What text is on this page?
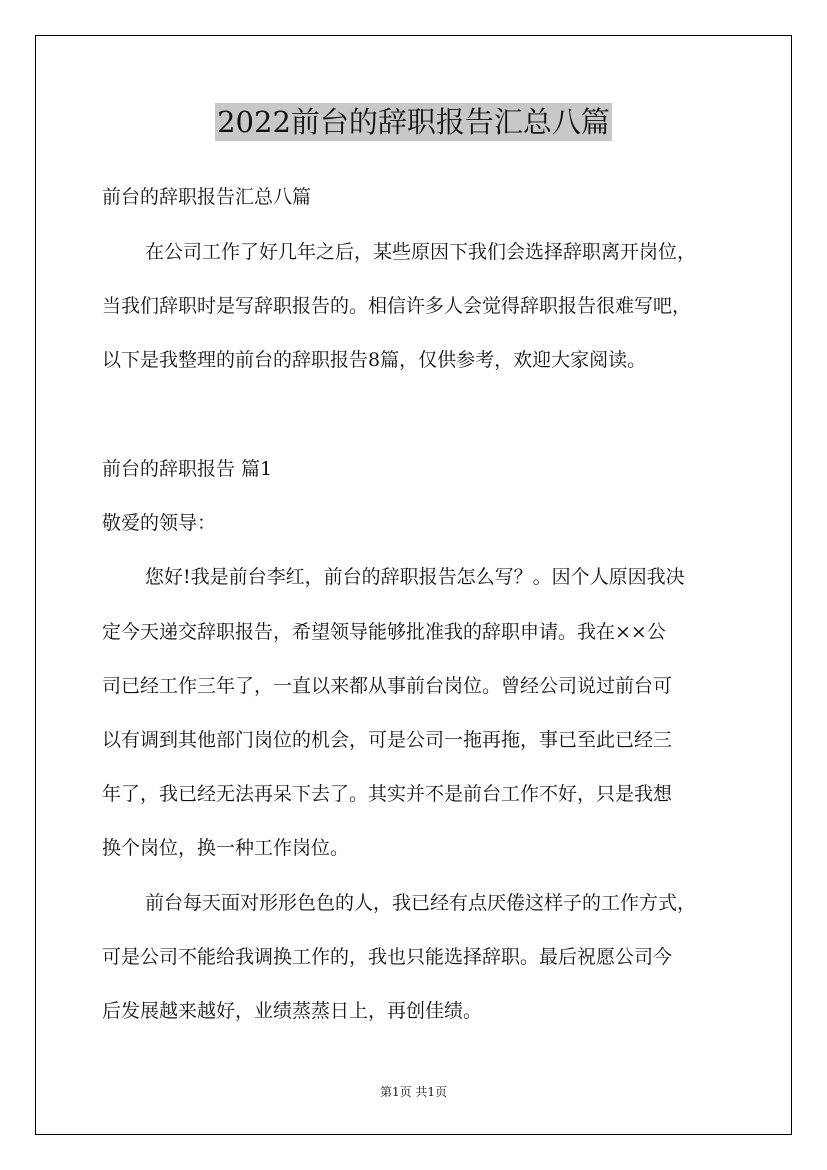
2022前台的辞职报告汇总八篇
前台的辞职报告汇总八篇
在公司工作了好几年之后，某些原因下我们会选择辞职离开岗位，
当我们辞职时是写辞职报告的。相信许多人会觉得辞职报告很难写吧，
以下是我整理的前台的辞职报告8篇，仅供参考，欢迎大家阅读。
前台的辞职报告 篇1
敬爱的领导：
您好!我是前台李红，前台的辞职报告怎么写？。因个人原因我决
定今天递交辞职报告，希望领导能够批准我的辞职申请。我在××公
司已经工作三年了，一直以来都从事前台岗位。曾经公司说过前台可
以有调到其他部门岗位的机会，可是公司一拖再拖，事已至此已经三
年了，我已经无法再呆下去了。其实并不是前台工作不好，只是我想
换个岗位，换一种工作岗位。
前台每天面对形形色色的人，我已经有点厌倦这样子的工作方式，
可是公司不能给我调换工作的，我也只能选择辞职。最后祝愿公司今
后发展越来越好，业绩蒸蒸日上，再创佳绩。
第1页 共1页
